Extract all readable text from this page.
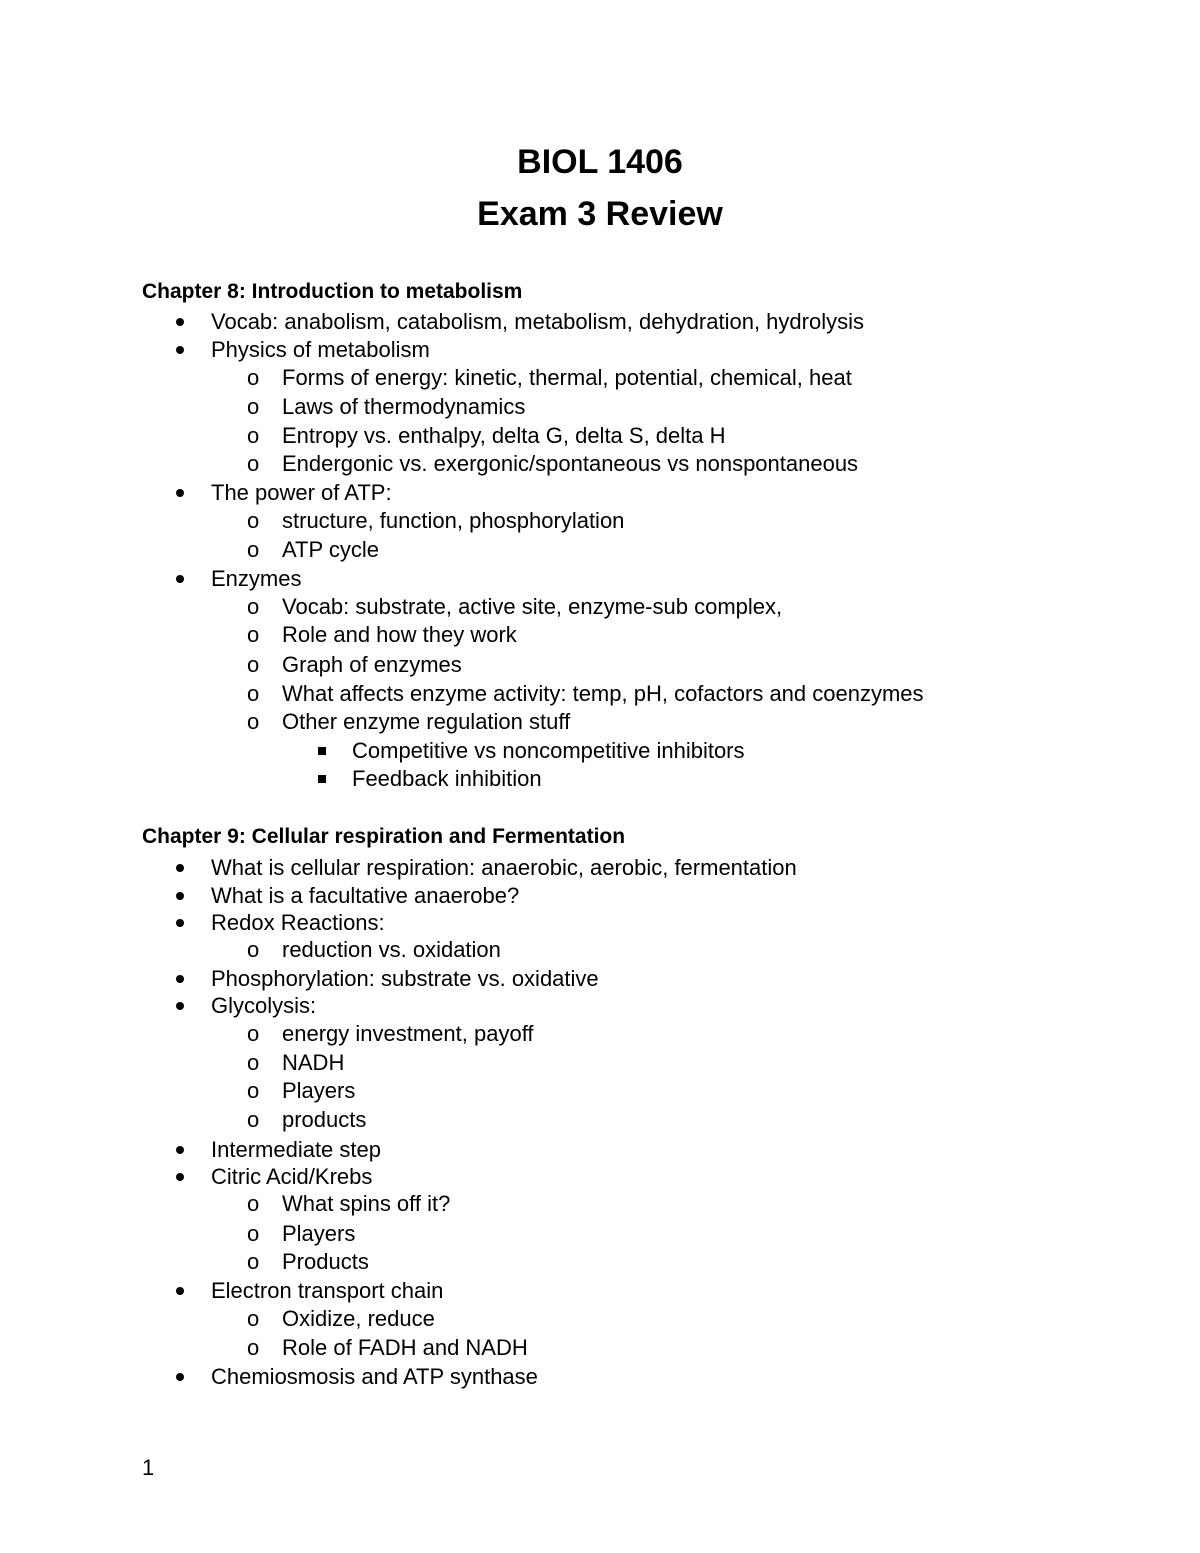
BIOL 1406
Exam 3 Review
Chapter 8: Introduction to metabolism
Vocab: anabolism, catabolism, metabolism, dehydration, hydrolysis
Physics of metabolism
o Forms of energy: kinetic, thermal, potential, chemical, heat
o Laws of thermodynamics
o Entropy vs. enthalpy, delta G, delta S, delta H
o Endergonic vs. exergonic/spontaneous vs nonspontaneous
The power of ATP:
o structure, function, phosphorylation
o ATP cycle
Enzymes
o Vocab: substrate, active site, enzyme-sub complex,
o Role and how they work
o Graph of enzymes
o What affects enzyme activity: temp, pH, cofactors and coenzymes
o Other enzyme regulation stuff
Competitive vs noncompetitive inhibitors
Feedback inhibition
Chapter 9: Cellular respiration and Fermentation
What is cellular respiration: anaerobic, aerobic, fermentation
What is a facultative anaerobe?
Redox Reactions:
o reduction vs. oxidation
Phosphorylation: substrate vs. oxidative
Glycolysis:
o energy investment, payoff
o NADH
o Players
o products
Intermediate step
Citric Acid/Krebs
o What spins off it?
o Players
o Products
Electron transport chain
o Oxidize, reduce
o Role of FADH and NADH
Chemiosmosis and ATP synthase
1
